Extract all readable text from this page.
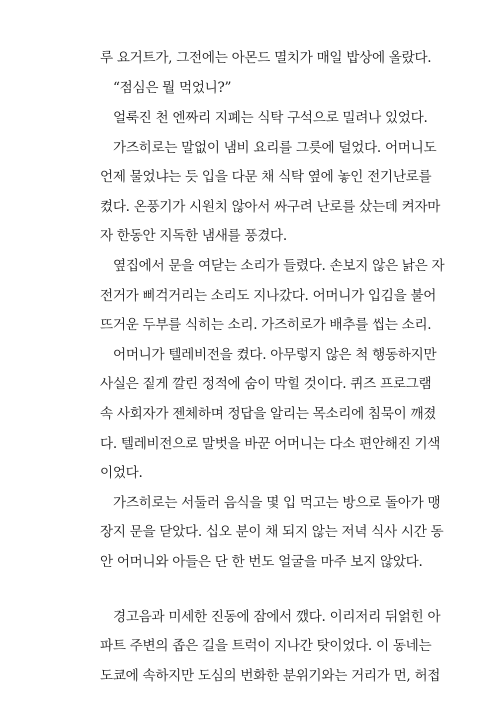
루 요거트가, 그전에는 아몬드 멸치가 매일 밥상에 올랐다.
“점심은 뭘 먹었니?”
얼룩진 천 엔짜리 지폐는 식탁 구석으로 밀려나 있었다.
가즈히로는 말없이 냄비 요리를 그릇에 덜었다. 어머니도
언제 물었냐는 듯 입을 다문 채 식탁 옆에 놓인 전기난로를
켰다. 온풍기가 시원치 않아서 싸구려 난로를 샀는데 켜자마
자 한동안 지독한 냄새를 풍겼다.
옆집에서 문을 여닫는 소리가 들렸다. 손보지 않은 낡은 자
전거가 삐걱거리는 소리도 지나갔다. 어머니가 입김을 불어
뜨거운 두부를 식히는 소리. 가즈히로가 배추를 씹는 소리.
어머니가 텔레비전을 켰다. 아무렇지 않은 척 행동하지만
사실은 짙게 깔린 정적에 숨이 막힐 것이다. 퀴즈 프로그램
속 사회자가 젠체하며 정답을 알리는 목소리에 침묵이 깨졌
다. 텔레비전으로 말벗을 바꾼 어머니는 다소 편안해진 기색
이었다.
가즈히로는 서둘러 음식을 몇 입 먹고는 방으로 돌아가 맹
장지 문을 닫았다. 십오 분이 채 되지 않는 저녁 식사 시간 동
안 어머니와 아들은 단 한 번도 얼굴을 마주 보지 않았다.
경고음과 미세한 진동에 잠에서 깼다. 이리저리 뒤얽힌 아
파트 주변의 좁은 길을 트럭이 지나간 탓이었다. 이 동네는
도쿄에 속하지만 도심의 번화한 분위기와는 거리가 먼, 허접
